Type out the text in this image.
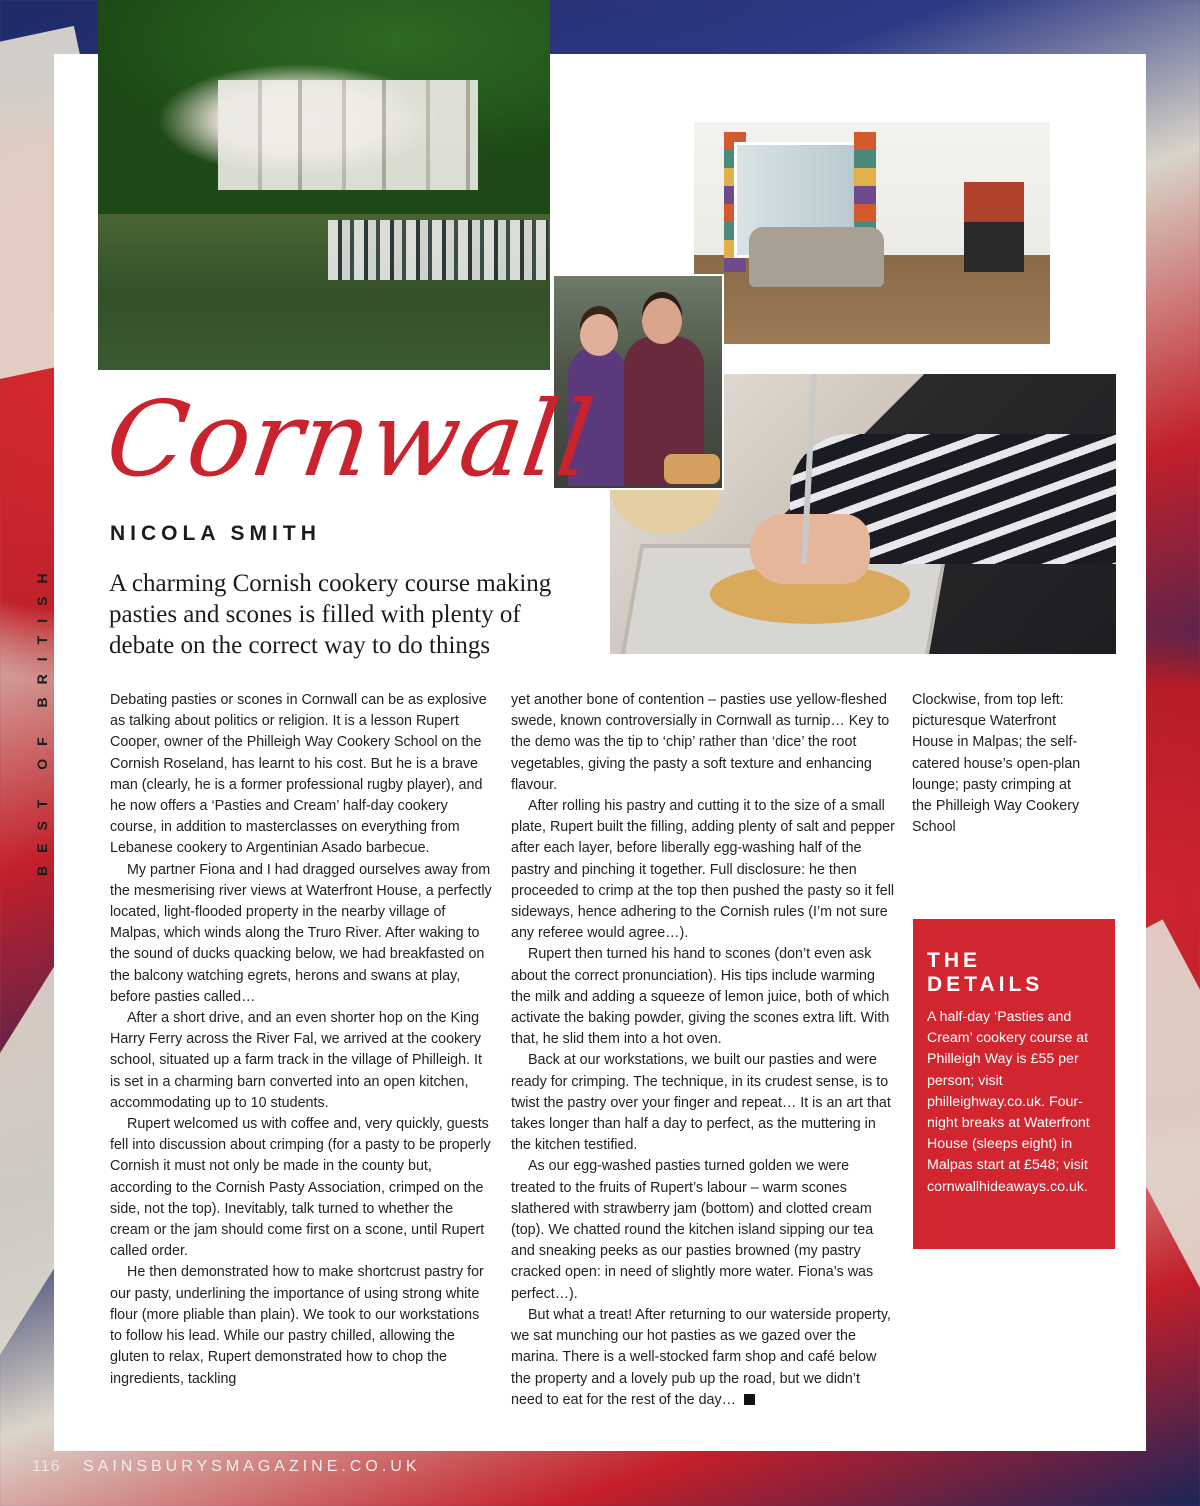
BEST OF BRITISH
Cornwall
NICOLA SMITH
A charming Cornish cookery course making pasties and scones is filled with plenty of debate on the correct way to do things

Debating pasties or scones in Cornwall can be as explosive as talking about politics or religion. It is a lesson Rupert Cooper, owner of the Philleigh Way Cookery School on the Cornish Roseland, has learnt to his cost. But he is a brave man (clearly, he is a former professional rugby player), and he now offers a ‘Pasties and Cream’ half-day cookery course, in addition to masterclasses on everything from Lebanese cookery to Argentinian Asado barbecue.

My partner Fiona and I had dragged ourselves away from the mesmerising river views at Waterfront House, a perfectly located, light-flooded property in the nearby village of Malpas, which winds along the Truro River. After waking to the sound of ducks quacking below, we had breakfasted on the balcony watching egrets, herons and swans at play, before pasties called…

After a short drive, and an even shorter hop on the King Harry Ferry across the River Fal, we arrived at the cookery school, situated up a farm track in the village of Philleigh. It is set in a charming barn converted into an open kitchen, accommodating up to 10 students.

Rupert welcomed us with coffee and, very quickly, guests fell into discussion about crimping (for a pasty to be properly Cornish it must not only be made in the county but, according to the Cornish Pasty Association, crimped on the side, not the top). Inevitably, talk turned to whether the cream or the jam should come first on a scone, until Rupert called order.

He then demonstrated how to make shortcrust pastry for our pasty, underlining the importance of using strong white flour (more pliable than plain). We took to our workstations to follow his lead. While our pastry chilled, allowing the gluten to relax, Rupert demonstrated how to chop the ingredients, tackling

yet another bone of contention – pasties use yellow-fleshed swede, known controversially in Cornwall as turnip… Key to the demo was the tip to ‘chip’ rather than ‘dice’ the root vegetables, giving the pasty a soft texture and enhancing flavour.

After rolling his pastry and cutting it to the size of a small plate, Rupert built the filling, adding plenty of salt and pepper after each layer, before liberally egg-washing half of the pastry and pinching it together. Full disclosure: he then proceeded to crimp at the top then pushed the pasty so it fell sideways, hence adhering to the Cornish rules (I’m not sure any referee would agree…).

Rupert then turned his hand to scones (don’t even ask about the correct pronunciation). His tips include warming the milk and adding a squeeze of lemon juice, both of which activate the baking powder, giving the scones extra lift. With that, he slid them into a hot oven.

Back at our workstations, we built our pasties and were ready for crimping. The technique, in its crudest sense, is to twist the pastry over your finger and repeat… It is an art that takes longer than half a day to perfect, as the muttering in the kitchen testified.

As our egg-washed pasties turned golden we were treated to the fruits of Rupert’s labour – warm scones slathered with strawberry jam (bottom) and clotted cream (top). We chatted round the kitchen island sipping our tea and sneaking peeks as our pasties browned (my pastry cracked open: in need of slightly more water. Fiona’s was perfect…).

But what a treat! After returning to our waterside property, we sat munching our hot pasties as we gazed over the marina. There is a well-stocked farm shop and café below the property and a lovely pub up the road, but we didn’t need to eat for the rest of the day…

Clockwise, from top left: picturesque Waterfront House in Malpas; the self-catered house’s open-plan lounge; pasty crimping at the Philleigh Way Cookery School
THE
DETAILS

A half-day ‘Pasties and Cream’ cookery course at Philleigh Way is £55 per person; visit philleighway.co.uk. Four-night breaks at Waterfront House (sleeps eight) in Malpas start at £548; visit cornwallhideaways.co.uk.

116 SAINSBURYSMAGAZINE.CO.UK
